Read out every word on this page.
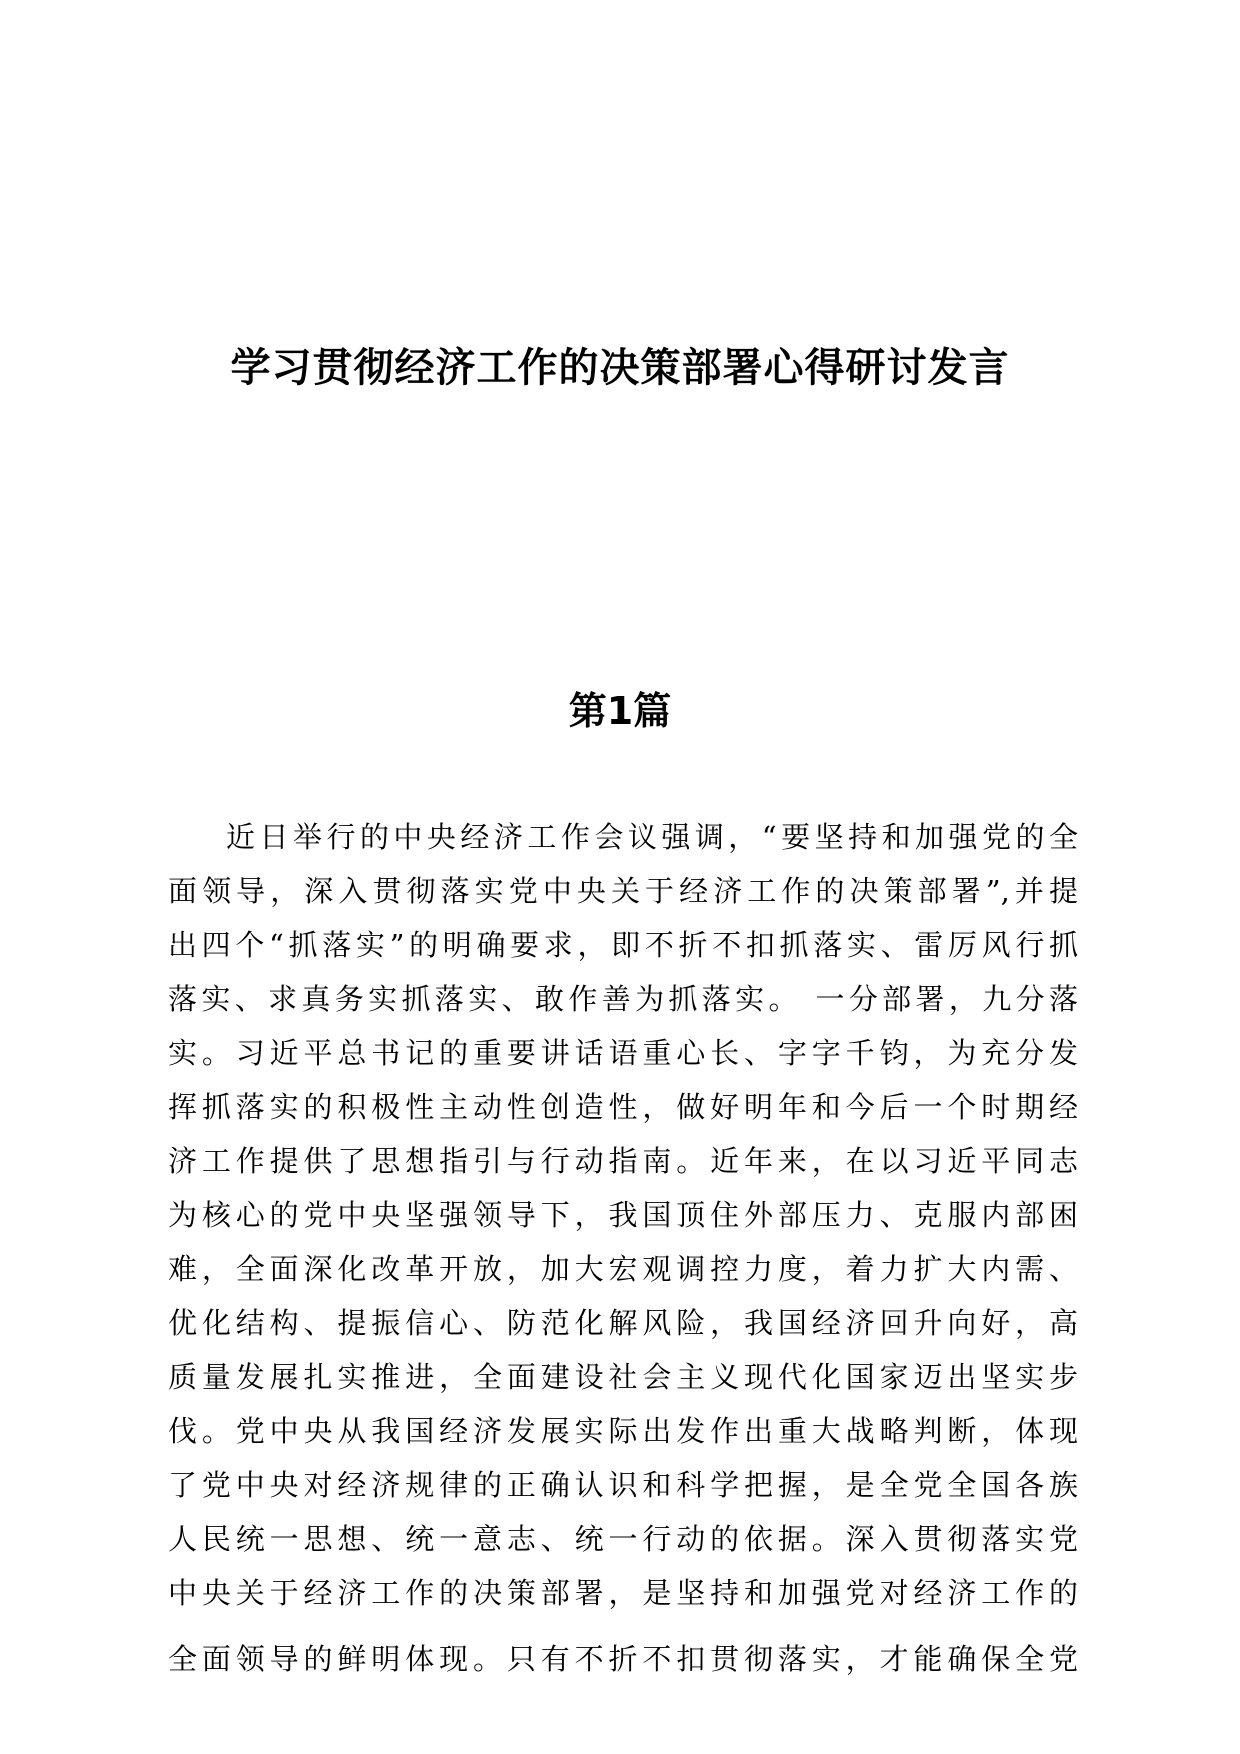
学习贯彻经济工作的决策部署心得研讨发言
第1篇
近日举行的中央经济工作会议强调，“要坚持和加强党的全
面领导，深入贯彻落实党中央关于经济工作的决策部署”,并提
出四个“抓落实”的明确要求，即不折不扣抓落实、雷厉风行抓
落实、求真务实抓落实、敢作善为抓落实。 一分部署，九分落
实。习近平总书记的重要讲话语重心长、字字千钧，为充分发
挥抓落实的积极性主动性创造性，做好明年和今后一个时期经
济工作提供了思想指引与行动指南。近年来，在以习近平同志
为核心的党中央坚强领导下，我国顶住外部压力、克服内部困
难，全面深化改革开放，加大宏观调控力度，着力扩大内需、
优化结构、提振信心、防范化解风险，我国经济回升向好，高
质量发展扎实推进，全面建设社会主义现代化国家迈出坚实步
伐。党中央从我国经济发展实际出发作出重大战略判断，体现
了党中央对经济规律的正确认识和科学把握，是全党全国各族
人民统一思想、统一意志、统一行动的依据。深入贯彻落实党
中央关于经济工作的决策部署，是坚持和加强党对经济工作的
全面领导的鲜明体现。只有不折不扣贯彻落实，才能确保全党
